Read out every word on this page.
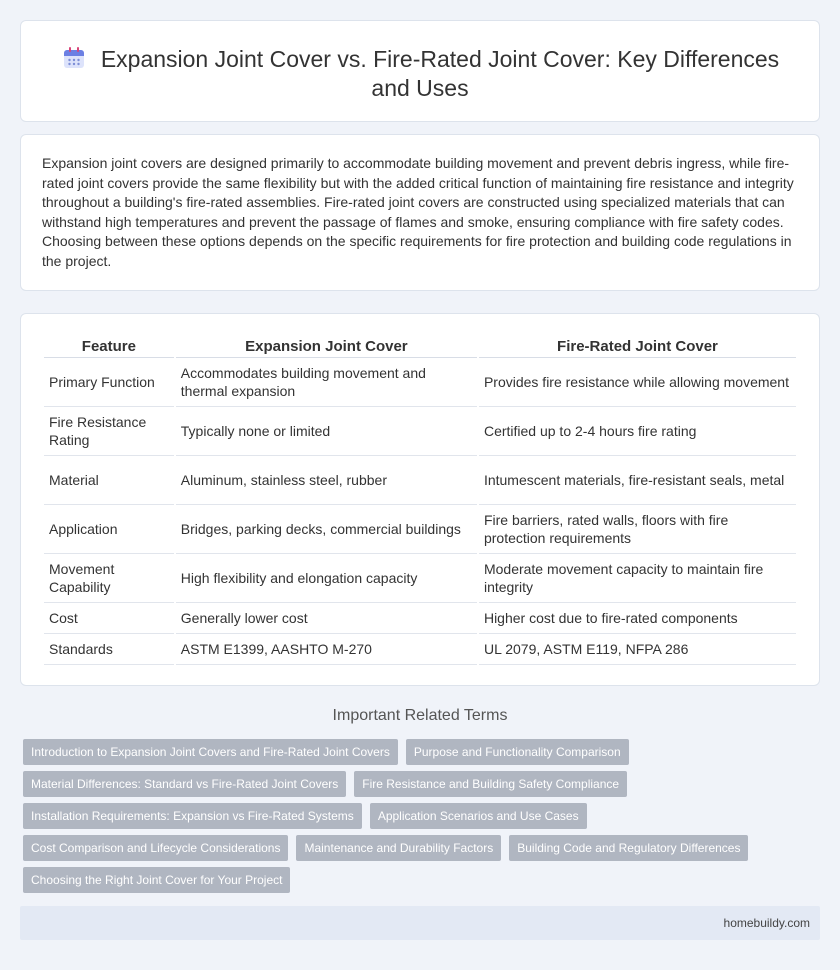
Expansion Joint Cover vs. Fire-Rated Joint Cover: Key Differences and Uses

Expansion joint covers are designed primarily to accommodate building movement and prevent debris ingress, while fire-rated joint covers provide the same flexibility but with the added critical function of maintaining fire resistance and integrity throughout a building's fire-rated assemblies. Fire-rated joint covers are constructed using specialized materials that can withstand high temperatures and prevent the passage of flames and smoke, ensuring compliance with fire safety codes. Choosing between these options depends on the specific requirements for fire protection and building code regulations in the project.

Feature	Expansion Joint Cover	Fire-Rated Joint Cover
Primary Function	Accommodates building movement and thermal expansion	Provides fire resistance while allowing movement
Fire Resistance Rating	Typically none or limited	Certified up to 2-4 hours fire rating
Material	Aluminum, stainless steel, rubber	Intumescent materials, fire-resistant seals, metal
Application	Bridges, parking decks, commercial buildings	Fire barriers, rated walls, floors with fire protection requirements
Movement Capability	High flexibility and elongation capacity	Moderate movement capacity to maintain fire integrity
Cost	Generally lower cost	Higher cost due to fire-rated components
Standards	ASTM E1399, AASHTO M-270	UL 2079, ASTM E119, NFPA 286
Important Related Terms
Introduction to Expansion Joint Covers and Fire-Rated Joint Covers	Purpose and Functionality Comparison
Material Differences: Standard vs Fire-Rated Joint Covers	Fire Resistance and Building Safety Compliance
Installation Requirements: Expansion vs Fire-Rated Systems	Application Scenarios and Use Cases
Cost Comparison and Lifecycle Considerations	Maintenance and Durability Factors	Building Code and Regulatory Differences
Choosing the Right Joint Cover for Your Project
homebuildy.com
